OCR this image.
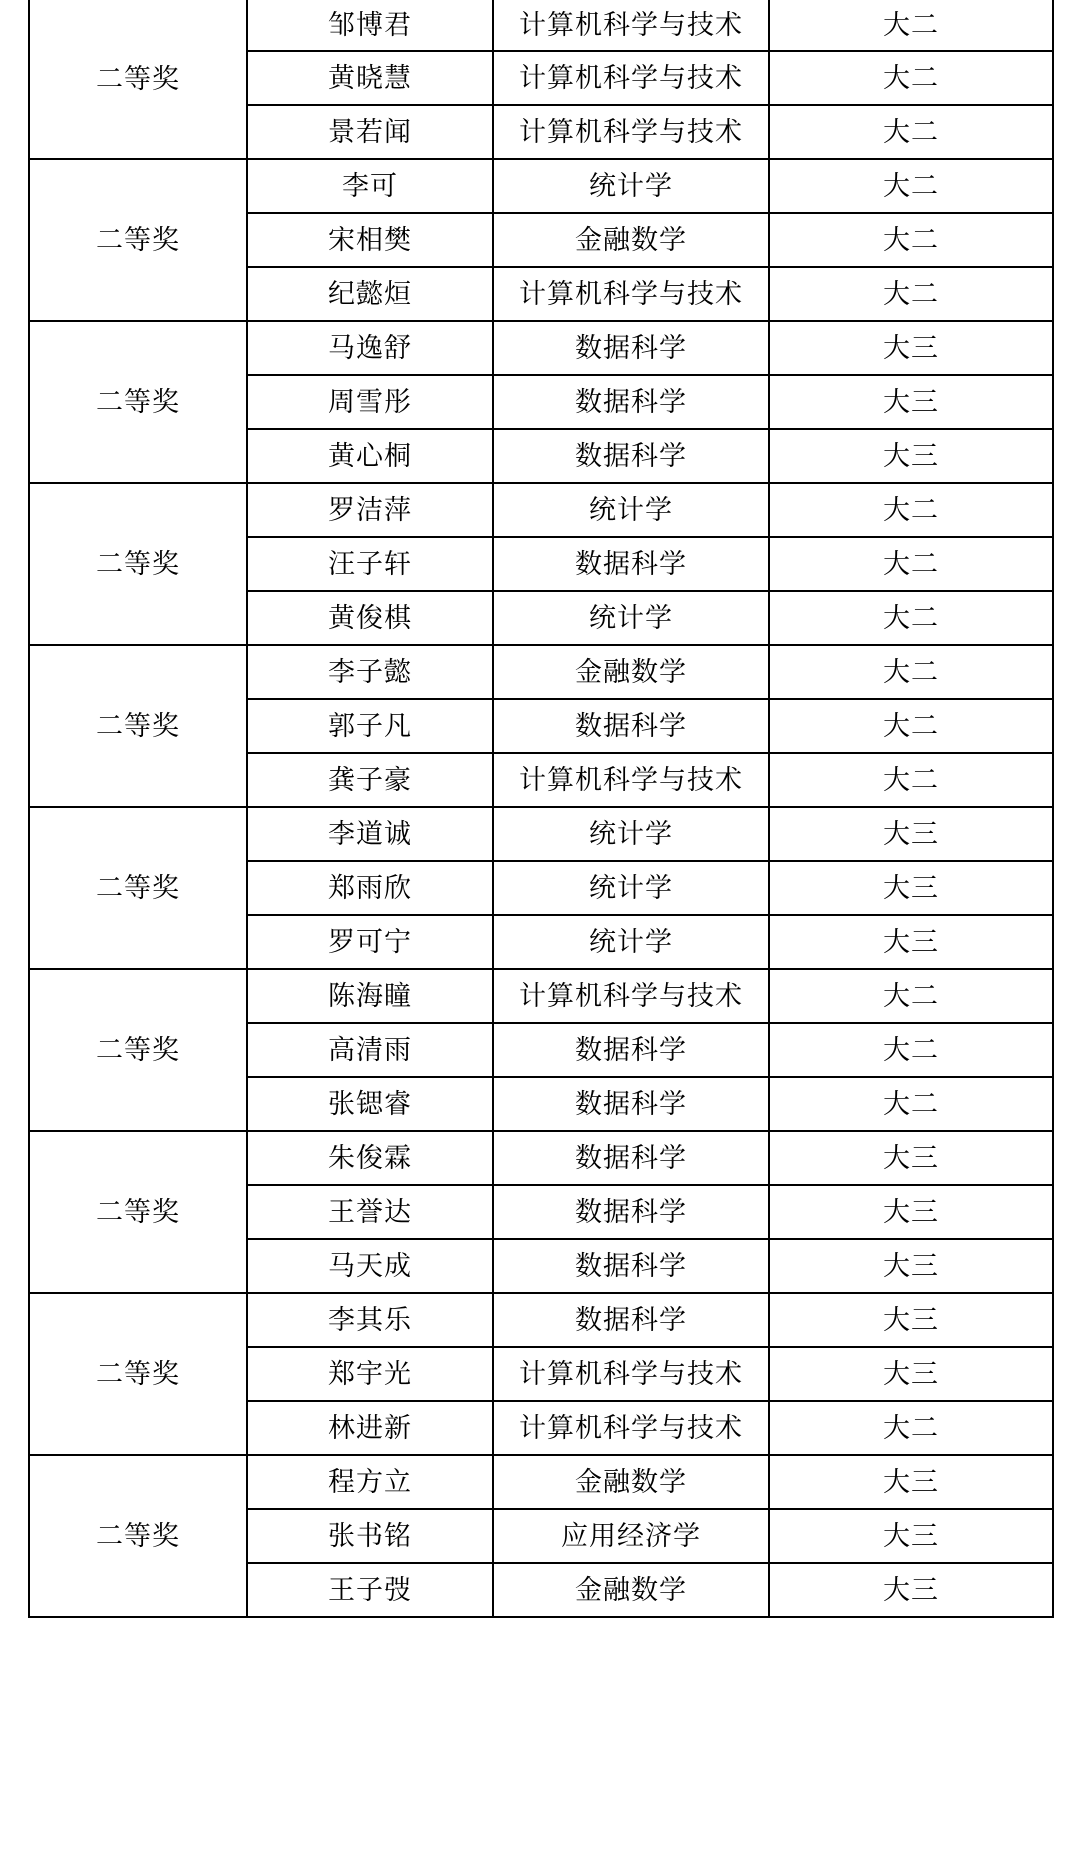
二等奖	邹博君	计算机科学与技术	大二
	黄晓慧	计算机科学与技术	大二
	景若闻	计算机科学与技术	大二
二等奖	李可	统计学	大二
	宋相樊	金融数学	大二
	纪懿烜	计算机科学与技术	大二
二等奖	马逸舒	数据科学	大三
	周雪彤	数据科学	大三
	黄心桐	数据科学	大三
二等奖	罗洁萍	统计学	大二
	汪子轩	数据科学	大二
	黄俊棋	统计学	大二
二等奖	李子懿	金融数学	大二
	郭子凡	数据科学	大二
	龚子豪	计算机科学与技术	大二
二等奖	李道诚	统计学	大三
	郑雨欣	统计学	大三
	罗可宁	统计学	大三
二等奖	陈海瞳	计算机科学与技术	大二
	高清雨	数据科学	大二
	张锶睿	数据科学	大二
二等奖	朱俊霖	数据科学	大三
	王誉达	数据科学	大三
	马天成	数据科学	大三
二等奖	李其乐	数据科学	大三
	郑宇光	计算机科学与技术	大三
	林进新	计算机科学与技术	大二
二等奖	程方立	金融数学	大三
	张书铭	应用经济学	大三
	王子弢	金融数学	大三
